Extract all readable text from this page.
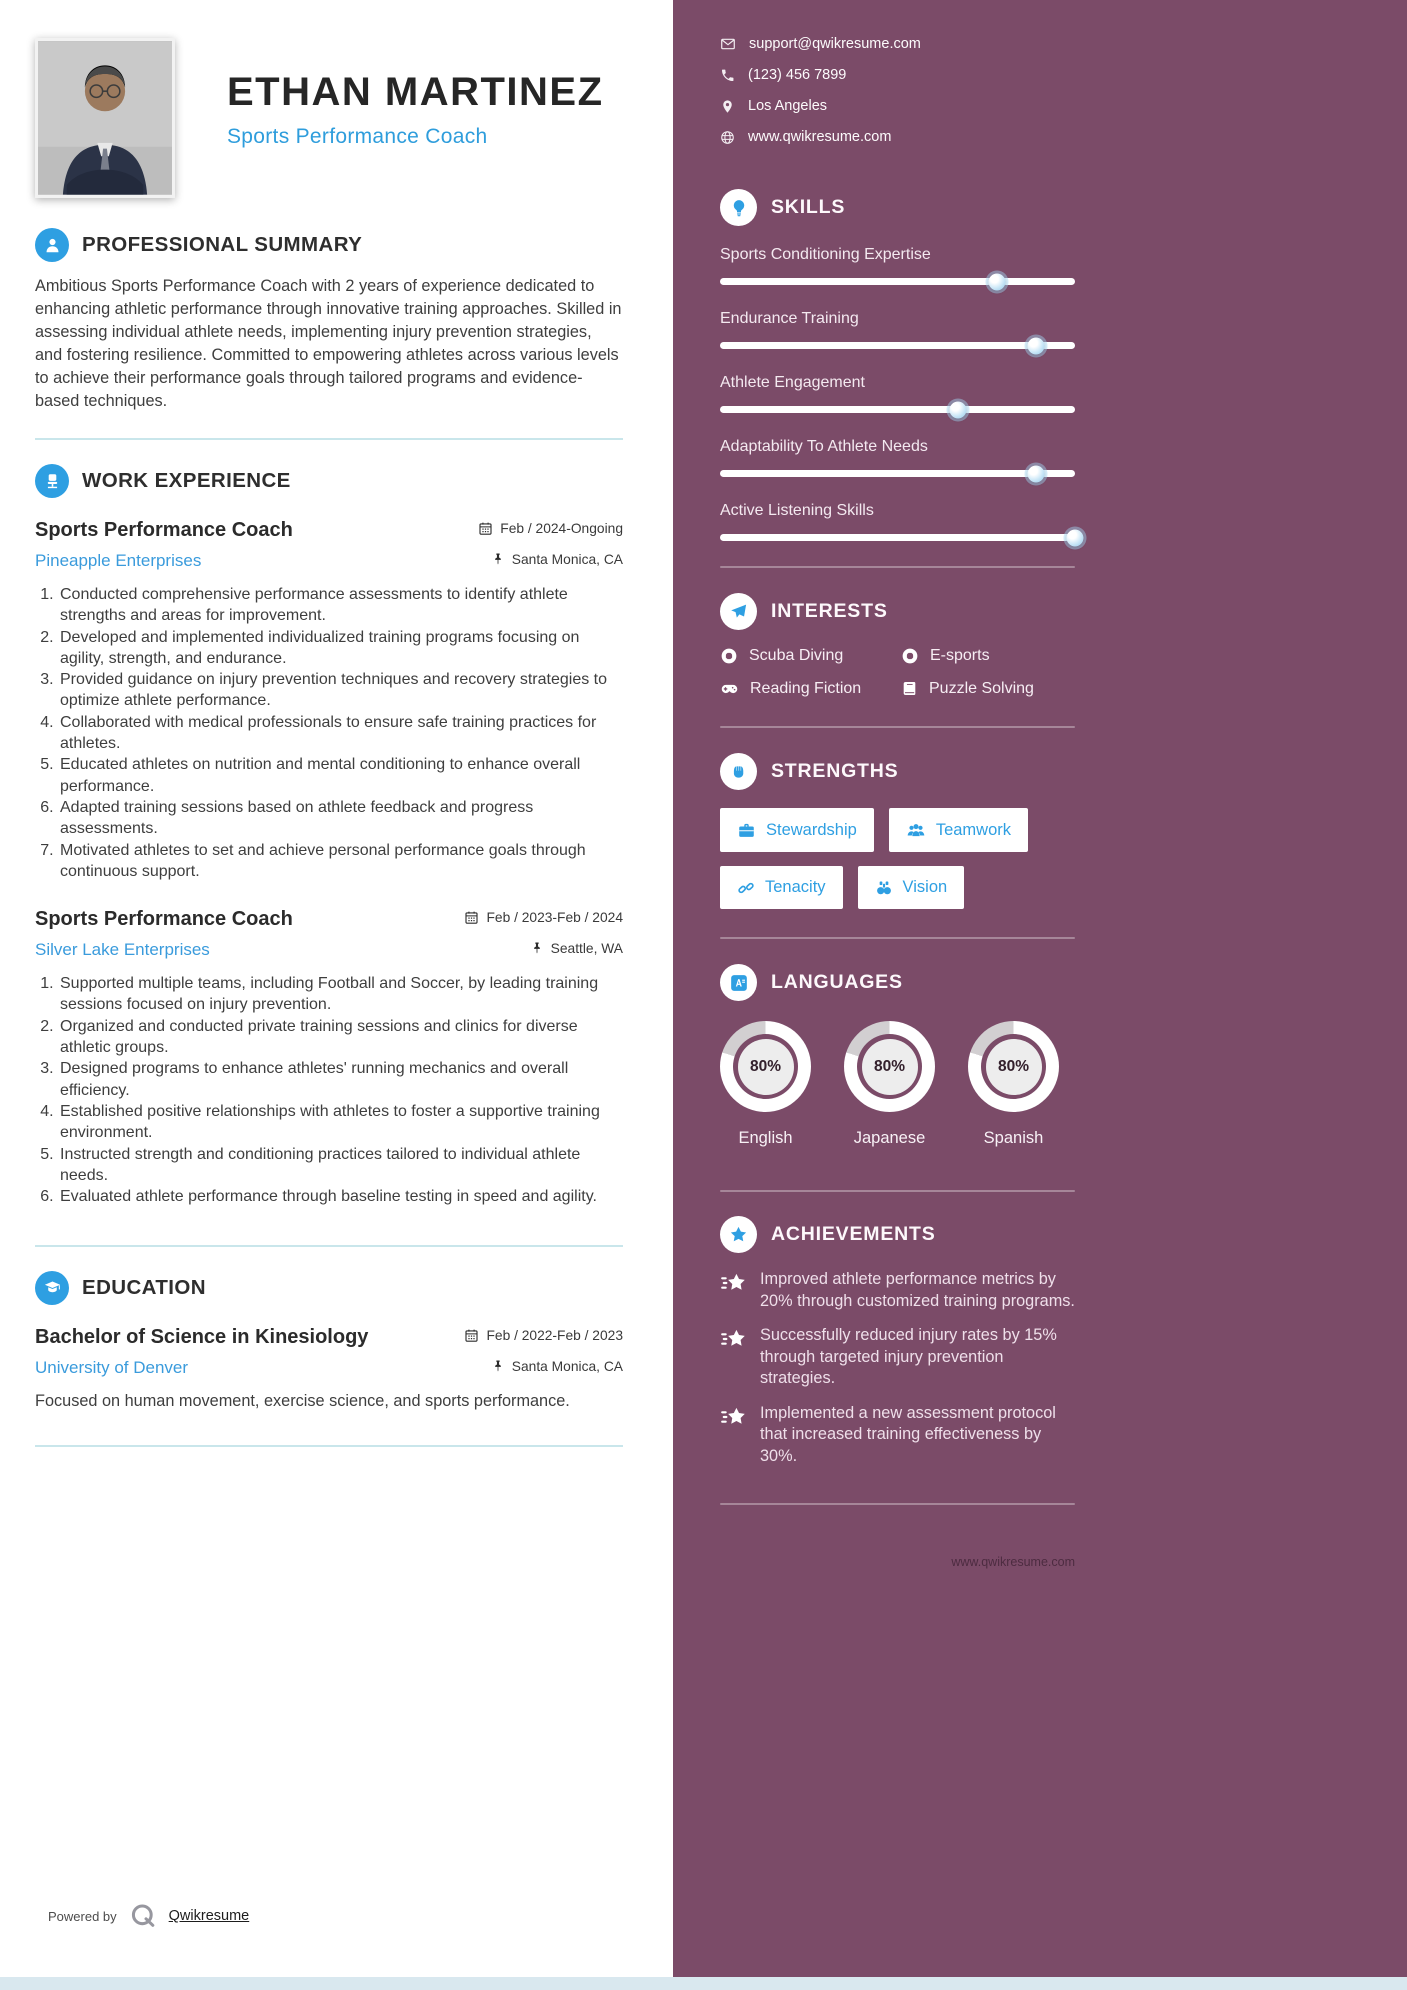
ETHAN MARTINEZ
Sports Performance Coach
PROFESSIONAL SUMMARY

Ambitious Sports Performance Coach with 2 years of experience dedicated to enhancing athletic performance through innovative training approaches. Skilled in assessing individual athlete needs, implementing injury prevention strategies, and fostering resilience. Committed to empowering athletes across various levels to achieve their performance goals through tailored programs and evidence-based techniques.

WORK EXPERIENCE
Sports Performance Coach	Feb / 2024-Ongoing
Pineapple Enterprises	Santa Monica, CA
1. Conducted comprehensive performance assessments to identify athlete strengths and areas for improvement.
2. Developed and implemented individualized training programs focusing on agility, strength, and endurance.
3. Provided guidance on injury prevention techniques and recovery strategies to optimize athlete performance.
4. Collaborated with medical professionals to ensure safe training practices for athletes.
5. Educated athletes on nutrition and mental conditioning to enhance overall performance.
6. Adapted training sessions based on athlete feedback and progress assessments.
7. Motivated athletes to set and achieve personal performance goals through continuous support.
Sports Performance Coach	Feb / 2023-Feb / 2024
Silver Lake Enterprises	Seattle, WA
1. Supported multiple teams, including Football and Soccer, by leading training sessions focused on injury prevention.
2. Organized and conducted private training sessions and clinics for diverse athletic groups.
3. Designed programs to enhance athletes' running mechanics and overall efficiency.
4. Established positive relationships with athletes to foster a supportive training environment.
5. Instructed strength and conditioning practices tailored to individual athlete needs.
6. Evaluated athlete performance through baseline testing in speed and agility.
EDUCATION
Bachelor of Science in Kinesiology	Feb / 2022-Feb / 2023
University of Denver	Santa Monica, CA

Focused on human movement, exercise science, and sports performance.

Powered by	Qwikresume
support@qwikresume.com
(123) 456 7899
Los Angeles
www.qwikresume.com
SKILLS
Sports Conditioning Expertise
Endurance Training
Athlete Engagement
Adaptability To Athlete Needs
Active Listening Skills
INTERESTS
Scuba Diving	E-sports
Reading Fiction	Puzzle Solving
STRENGTHS
Stewardship	Teamwork
Tenacity	Vision
LANGUAGES
80%
English
80%
Japanese
80%
Spanish
ACHIEVEMENTS
Improved athlete performance metrics by 20% through customized training programs.
Successfully reduced injury rates by 15% through targeted injury prevention strategies.
Implemented a new assessment protocol that increased training effectiveness by 30%.
www.qwikresume.com
